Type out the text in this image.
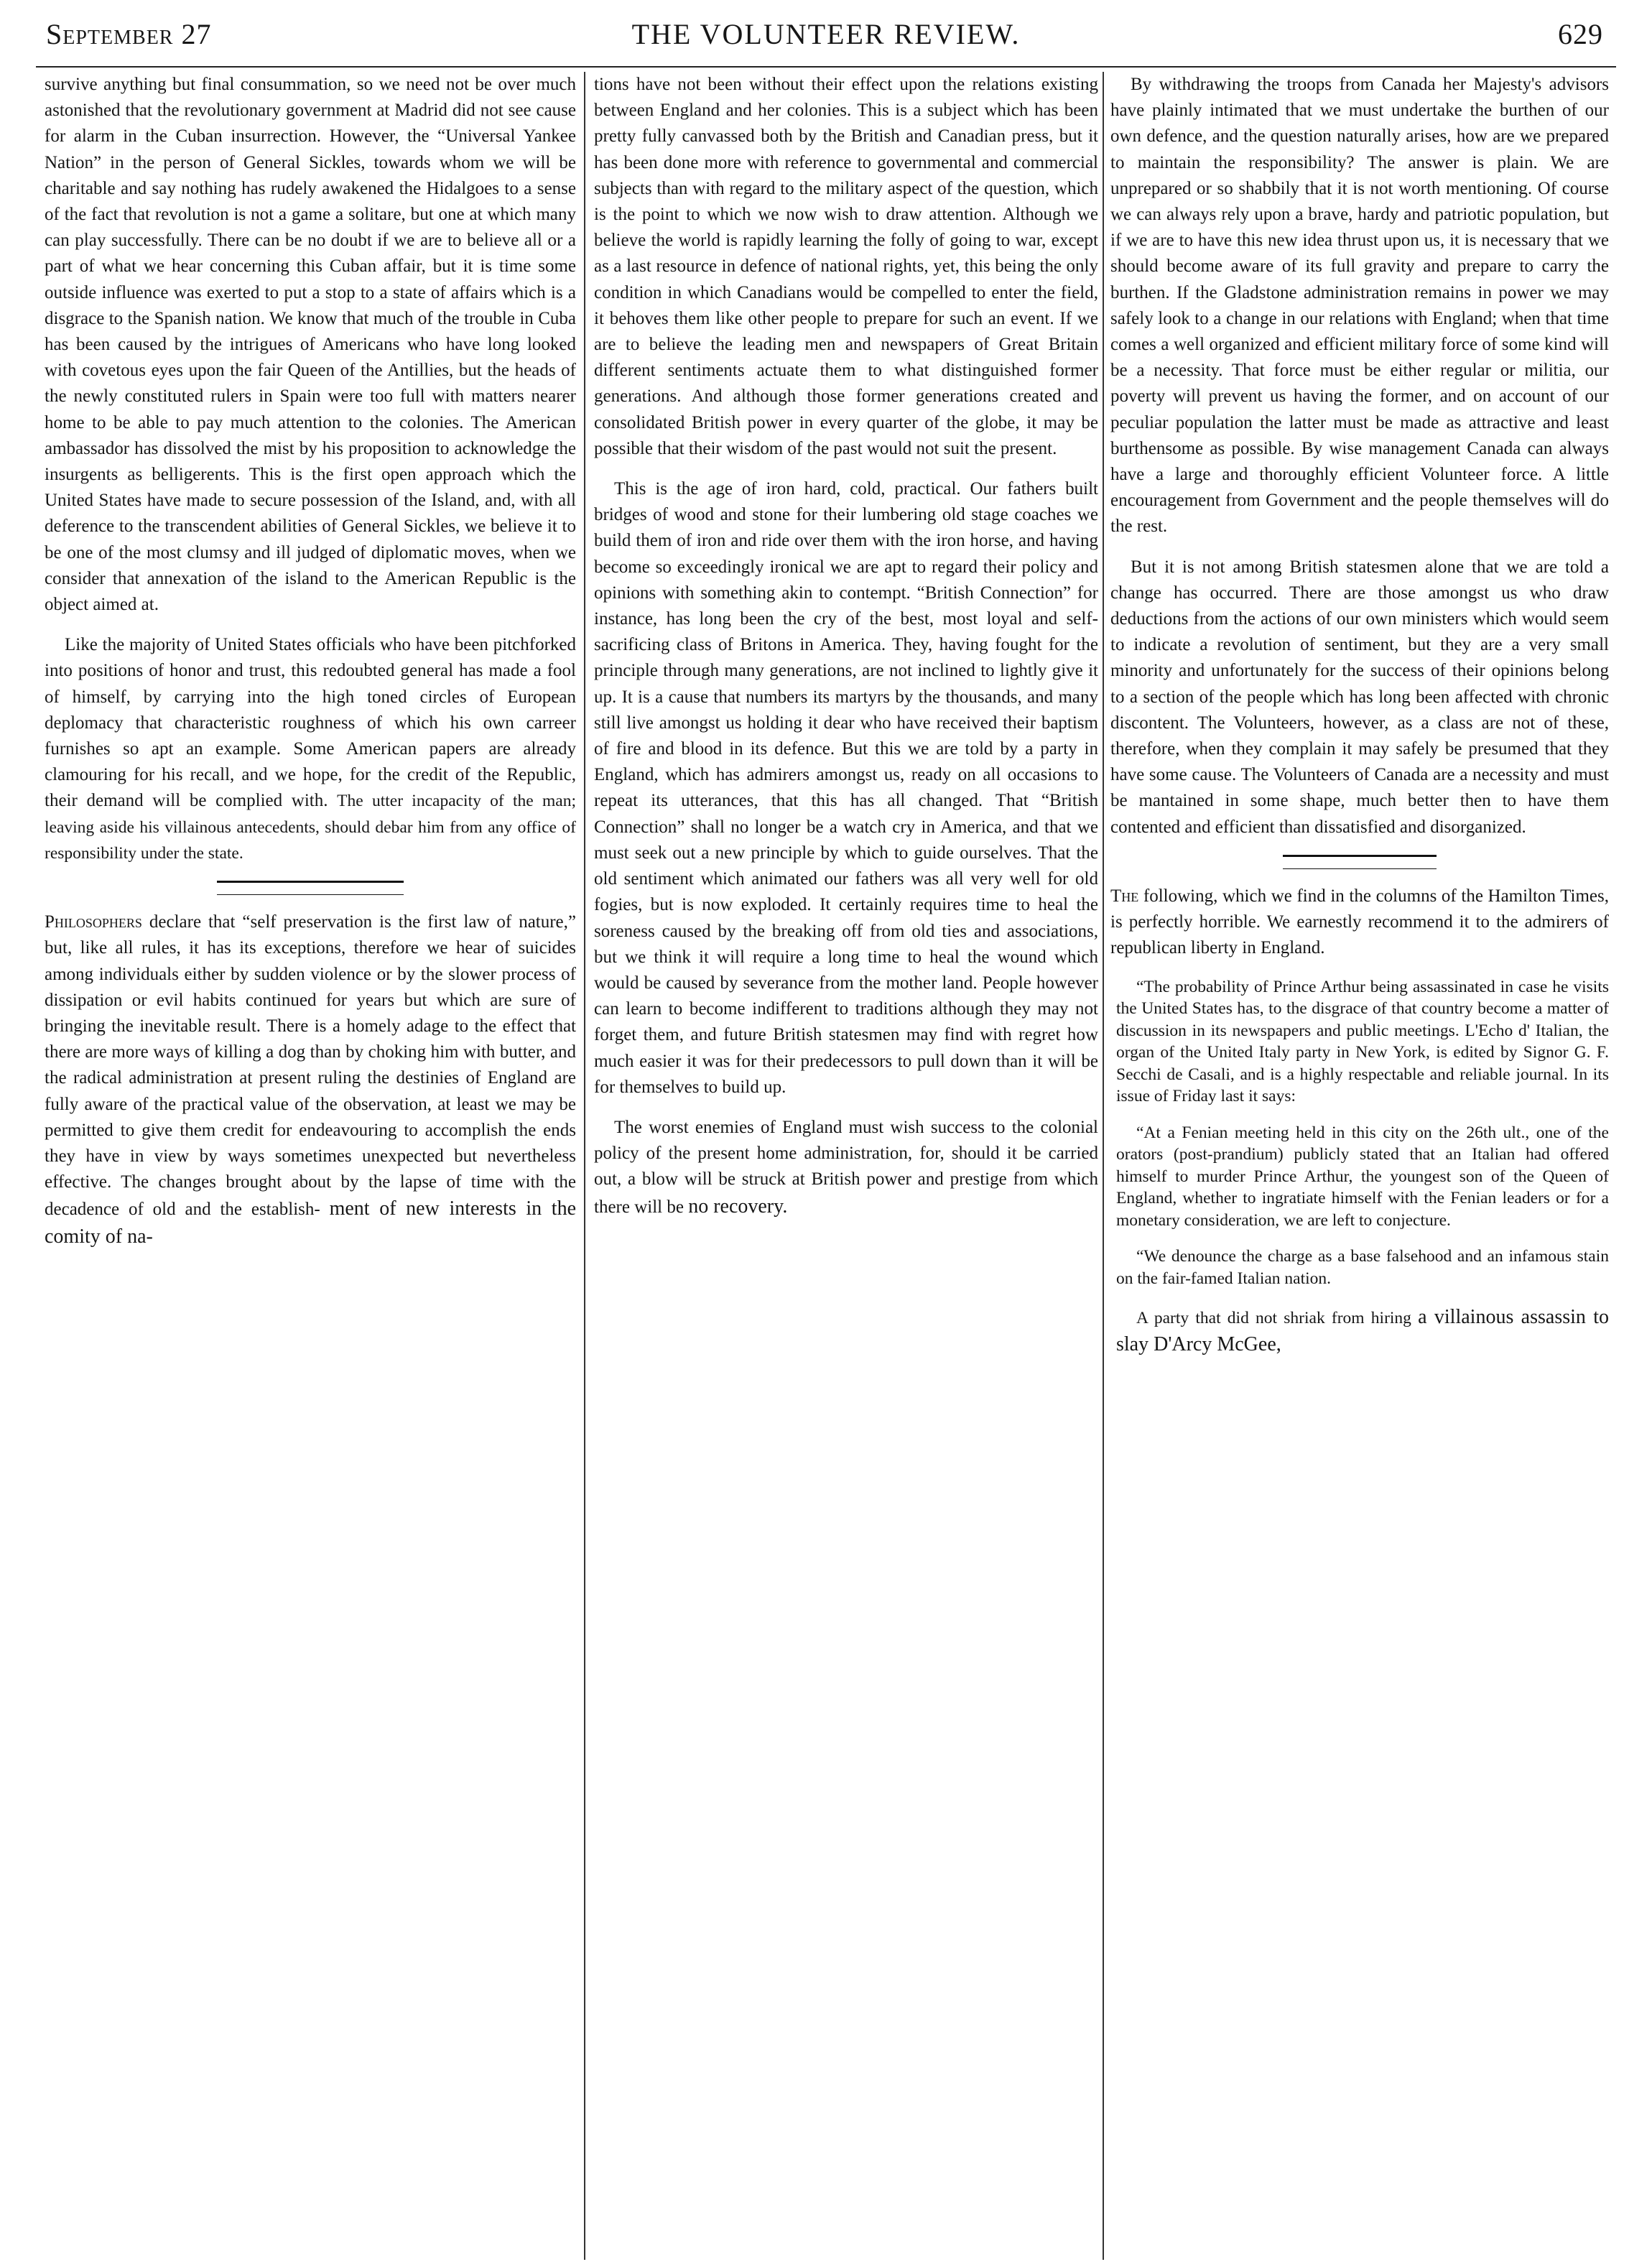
September 27	THE VOLUNTEER REVIEW.	629

survive anything but final consummation, so we need not be over much astonished that the revolutionary government at Madrid did not see cause for alarm in the Cuban insurrection. However, the “Universal Yankee Nation” in the person of General Sickles, towards whom we will be charitable and say nothing has rudely awakened the Hidalgoes to a sense of the fact that revolution is not a game a solitare, but one at which many can play successfully. There can be no doubt if we are to believe all or a part of what we hear concerning this Cuban affair, but it is time some outside influence was exerted to put a stop to a state of affairs which is a disgrace to the Spanish nation. We know that much of the trouble in Cuba has been caused by the intrigues of Americans who have long looked with covetous eyes upon the fair Queen of the Antillies, but the heads of the newly constituted rulers in Spain were too full with matters nearer home to be able to pay much attention to the colonies. The American ambassador has dissolved the mist by his proposition to acknowledge the insurgents as belligerents. This is the first open approach which the United States have made to secure possession of the Island, and, with all deference to the transcendent abilities of General Sickles, we believe it to be one of the most clumsy and ill judged of diplomatic moves, when we consider that annexation of the island to the American Republic is the object aimed at.

Like the majority of United States officials who have been pitchforked into positions of honor and trust, this redoubted general has made a fool of himself, by carrying into the high toned circles of European deplomacy that characteristic roughness of which his own carreer furnishes so apt an example. Some American papers are already clamouring for his recall, and we hope, for the credit of the Republic, their demand will be complied with. The utter incapacity of the man; leaving aside his villainous antecedents, should debar him from any office of responsibility under the state.

Philosophers declare that “self preservation is the first law of nature,” but, like all rules, it has its exceptions, therefore we hear of suicides among individuals either by sudden violence or by the slower process of dissipation or evil habits continued for years but which are sure of bringing the inevitable result. There is a homely adage to the effect that there are more ways of killing a dog than by choking him with butter, and the radical administration at present ruling the destinies of England are fully aware of the practical value of the observation, at least we may be permitted to give them credit for endeavouring to accomplish the ends they have in view by ways sometimes unexpected but nevertheless effective. The changes brought about by the lapse of time with the decadence of old and the establish- ment of new interests in the comity of na-

tions have not been without their effect upon the relations existing between England and her colonies. This is a subject which has been pretty fully canvassed both by the British and Canadian press, but it has been done more with reference to governmental and commercial subjects than with regard to the military aspect of the question, which is the point to which we now wish to draw attention. Although we believe the world is rapidly learning the folly of going to war, except as a last resource in defence of national rights, yet, this being the only condition in which Canadians would be compelled to enter the field, it behoves them like other people to prepare for such an event. If we are to believe the leading men and newspapers of Great Britain different sentiments actuate them to what distinguished former generations. And although those former generations created and consolidated British power in every quarter of the globe, it may be possible that their wisdom of the past would not suit the present.

This is the age of iron hard, cold, practical. Our fathers built bridges of wood and stone for their lumbering old stage coaches we build them of iron and ride over them with the iron horse, and having become so exceedingly ironical we are apt to regard their policy and opinions with something akin to contempt. “British Connection” for instance, has long been the cry of the best, most loyal and self-sacrificing class of Britons in America. They, having fought for the principle through many generations, are not inclined to lightly give it up. It is a cause that numbers its martyrs by the thousands, and many still live amongst us holding it dear who have received their baptism of fire and blood in its defence. But this we are told by a party in England, which has admirers amongst us, ready on all occasions to repeat its utterances, that this has all changed. That “British Connection” shall no longer be a watch cry in America, and that we must seek out a new principle by which to guide ourselves. That the old sentiment which animated our fathers was all very well for old fogies, but is now exploded. It certainly requires time to heal the soreness caused by the breaking off from old ties and associations, but we think it will require a long time to heal the wound which would be caused by severance from the mother land. People however can learn to become indifferent to traditions although they may not forget them, and future British statesmen may find with regret how much easier it was for their predecessors to pull down than it will be for themselves to build up.

The worst enemies of England must wish success to the colonial policy of the present home administration, for, should it be carried out, a blow will be struck at British power and prestige from which there will be no recovery.

By withdrawing the troops from Canada her Majesty's advisors have plainly intimated that we must undertake the burthen of our own defence, and the question naturally arises, how are we prepared to maintain the responsibility? The answer is plain. We are unprepared or so shabbily that it is not worth mentioning. Of course we can always rely upon a brave, hardy and patriotic population, but if we are to have this new idea thrust upon us, it is necessary that we should become aware of its full gravity and prepare to carry the burthen. If the Gladstone administration remains in power we may safely look to a change in our relations with England; when that time comes a well organized and efficient military force of some kind will be a necessity. That force must be either regular or militia, our poverty will prevent us having the former, and on account of our peculiar population the latter must be made as attractive and least burthensome as possible. By wise management Canada can always have a large and thoroughly efficient Volunteer force. A little encouragement from Government and the people themselves will do the rest.

But it is not among British statesmen alone that we are told a change has occurred. There are those amongst us who draw deductions from the actions of our own ministers which would seem to indicate a revolution of sentiment, but they are a very small minority and unfortunately for the success of their opinions belong to a section of the people which has long been affected with chronic discontent. The Volunteers, however, as a class are not of these, therefore, when they complain it may safely be presumed that they have some cause. The Volunteers of Canada are a necessity and must be mantained in some shape, much better then to have them contented and efficient than dissatisfied and disorganized.

The following, which we find in the columns of the Hamilton Times, is perfectly horrible. We earnestly recommend it to the admirers of republican liberty in England.

“The probability of Prince Arthur being assassinated in case he visits the United States has, to the disgrace of that country become a matter of discussion in its newspapers and public meetings. L'Echo d' Italian, the organ of the United Italy party in New York, is edited by Signor G. F. Secchi de Casali, and is a highly respectable and reliable journal. In its issue of Friday last it says:

“At a Fenian meeting held in this city on the 26th ult., one of the orators (post-prandium) publicly stated that an Italian had offered himself to murder Prince Arthur, the youngest son of the Queen of England, whether to ingratiate himself with the Fenian leaders or for a monetary consideration, we are left to conjecture.

“We denounce the charge as a base falsehood and an infamous stain on the fair-famed Italian nation.

A party that did not shriak from hiring a villainous assassin to slay D'Arcy McGee,
